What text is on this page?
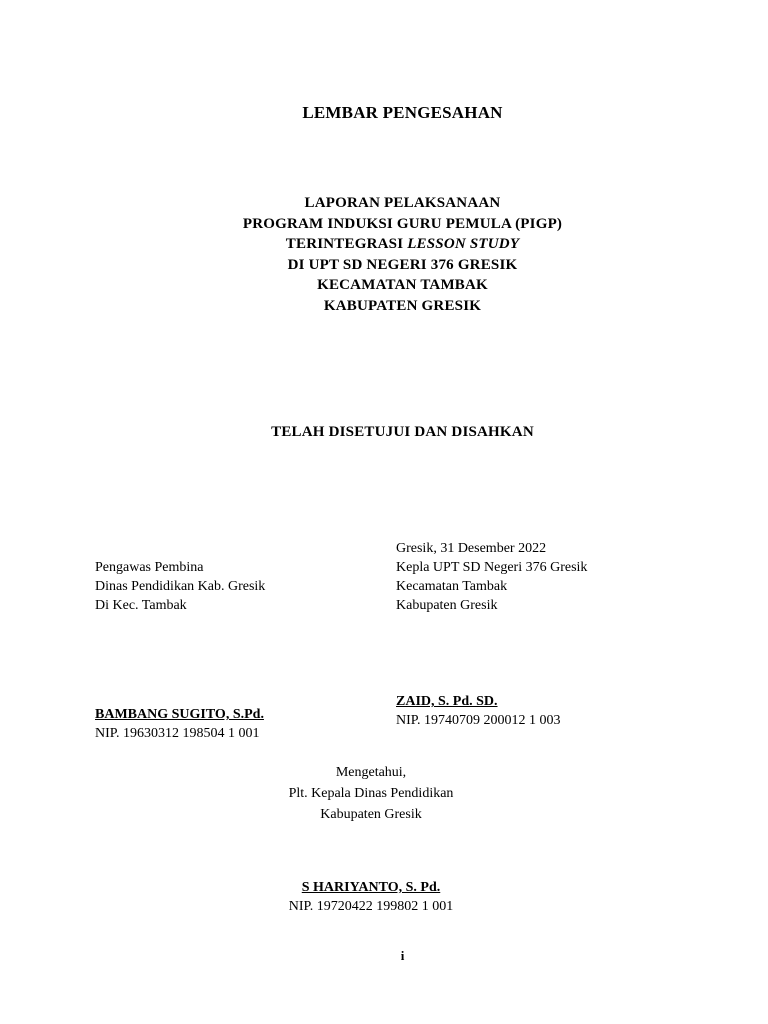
LEMBAR PENGESAHAN
LAPORAN PELAKSANAAN
PROGRAM INDUKSI GURU PEMULA (PIGP)
TERINTEGRASI LESSON STUDY
DI UPT SD NEGERI 376 GRESIK
KECAMATAN TAMBAK
KABUPATEN GRESIK
TELAH DISETUJUI DAN DISAHKAN
Pengawas Pembina
Dinas Pendidikan Kab. Gresik
Di Kec. Tambak
Gresik, 31 Desember 2022
Kepla UPT SD Negeri 376 Gresik
Kecamatan Tambak
Kabupaten Gresik
BAMBANG SUGITO, S.Pd.
NIP. 19630312 198504 1 001
ZAID, S. Pd. SD.
NIP. 19740709 200012 1 003
Mengetahui,
Plt. Kepala Dinas Pendidikan
Kabupaten Gresik
S HARIYANTO, S. Pd.
NIP. 19720422 199802 1 001
i
